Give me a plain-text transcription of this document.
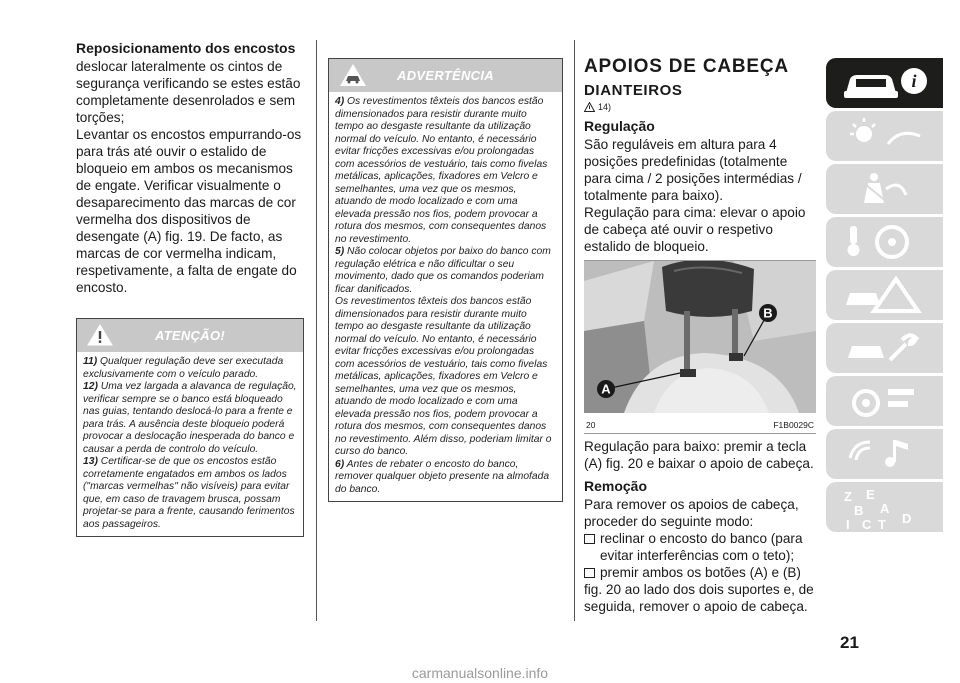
Reposicionamento dos encostos

deslocar lateralmente os cintos de segurança verificando se estes estão completamente desenrolados e sem torções;

Levantar os encostos empurrando-os para trás até ouvir o estalido de bloqueio em ambos os mecanismos de engate. Verificar visualmente o desaparecimento das marcas de cor vermelha dos dispositivos de desengate (A) fig. 19. De facto, as marcas de cor vermelha indicam, respetivamente, a falta de engate do encosto.

ATENÇÃO!

11) Qualquer regulação deve ser executada exclusivamente com o veículo parado.

12) Uma vez largada a alavanca de regulação, verificar sempre se o banco está bloqueado nas guias, tentando deslocá-lo para a frente e para trás. A ausência deste bloqueio poderá provocar a deslocação inesperada do banco e causar a perda de controlo do veículo.

13) Certificar-se de que os encostos estão corretamente engatados em ambos os lados ("marcas vermelhas" não visíveis) para evitar que, em caso de travagem brusca, possam projetar-se para a frente, causando ferimentos aos passageiros.

ADVERTÊNCIA

4) Os revestimentos têxteis dos bancos estão dimensionados para resistir durante muito tempo ao desgaste resultante da utilização normal do veículo. No entanto, é necessário evitar fricções excessivas e/ou prolongadas com acessórios de vestuário, tais como fivelas metálicas, aplicações, fixadores em Velcro e semelhantes, uma vez que os mesmos, atuando de modo localizado e com uma elevada pressão nos fios, podem provocar a rotura dos mesmos, com consequentes danos no revestimento.

5) Não colocar objetos por baixo do banco com regulação elétrica e não dificultar o seu movimento, dado que os comandos poderiam ficar danificados.

Os revestimentos têxteis dos bancos estão dimensionados para resistir durante muito tempo ao desgaste resultante da utilização normal do veículo. No entanto, é necessário evitar fricções excessivas e/ou prolongadas com acessórios de vestuário, tais como fivelas metálicas, aplicações, fixadores em Velcro e semelhantes, uma vez que os mesmos, atuando de modo localizado e com uma elevada pressão nos fios, podem provocar a rotura dos mesmos, com consequentes danos no revestimento. Além disso, poderiam limitar o curso do banco.

6) Antes de rebater o encosto do banco, remover qualquer objeto presente na almofada do banco.

APOIOS DE CABEÇA
DIANTEIROS
14)
Regulação

São reguláveis em altura para 4 posições predefinidas (totalmente para cima / 2 posições intermédias / totalmente para baixo).

Regulação para cima: elevar o apoio de cabeça até ouvir o respetivo estalido de bloqueio.

A
B
20	F1B0029C

Regulação para baixo: premir a tecla (A) fig. 20 e baixar o apoio de cabeça.

Remoção

Para remover os apoios de cabeça, proceder do seguinte modo:

reclinar o encosto do banco (para evitar interferências com o teto);

premir ambos os botões (A) e (B)

fig. 20 ao lado dos dois suportes e, de seguida, remover o apoio de cabeça.

i
Z E
B A
I C T D
21
carmanualsonline.info
